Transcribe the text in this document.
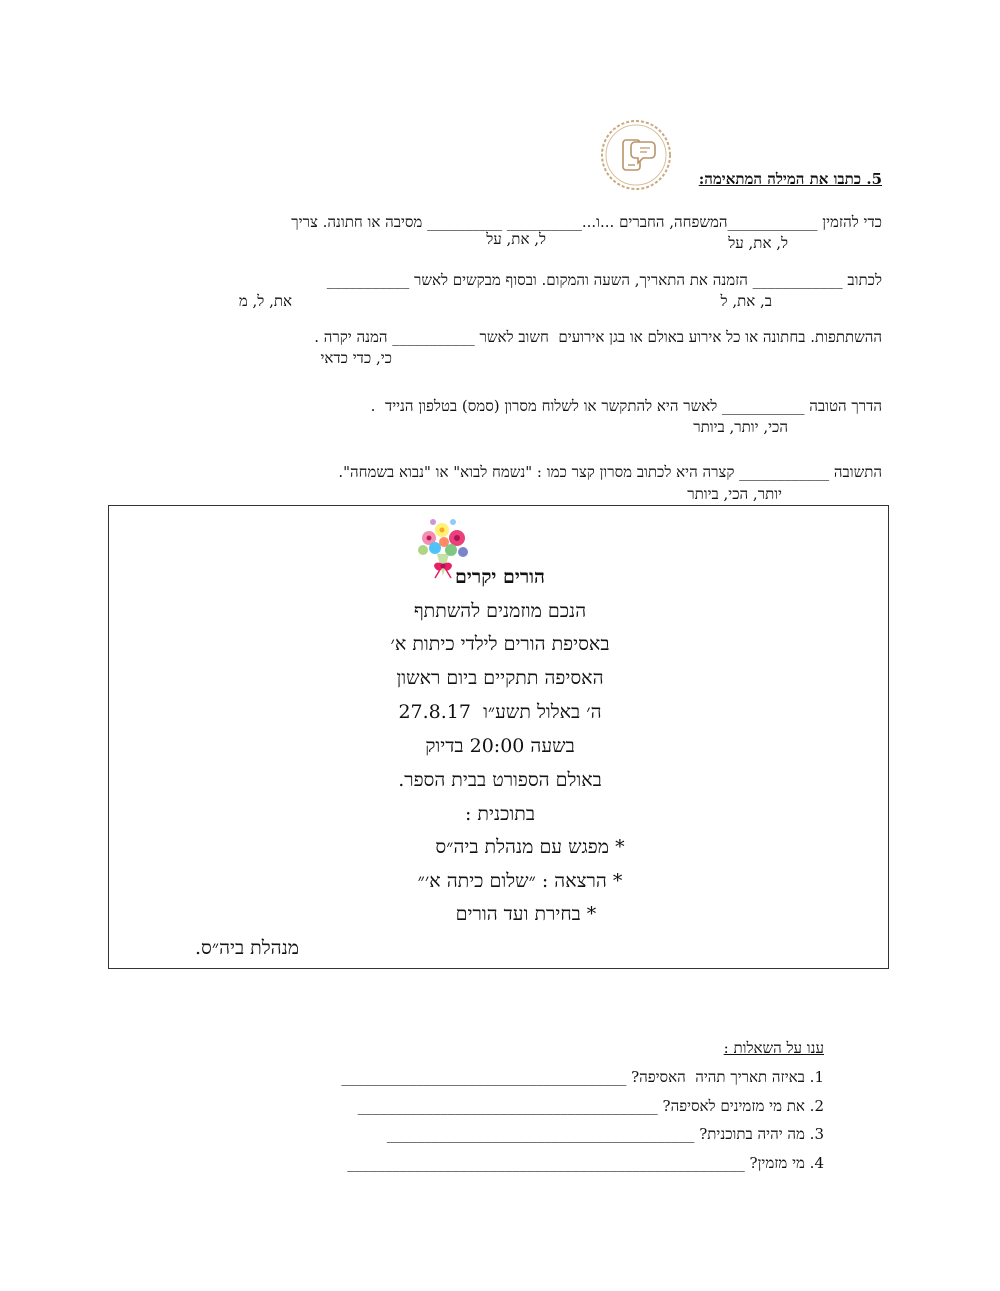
5. כתבו את המילה המתאימה:
כדי להזמין ____________המשפחה, החברים ...ו...__________ __________ מסיבה או חתונה. צריך
ל, את, על
ל, את, על
לכתוב ____________ הזמנה את התאריך, השעה והמקום. ובסוף מבקשים לאשר ___________
ב, את, ל
את, ל, מ
ההשתתפות. בחתונה או כל אירוע באולם או בגן אירועים  חשוב לאשר ___________ המנה יקרה .
כי, כדי כדאי
הדרך הטובה ___________ לאשר היא להתקשר או לשלוח מסרון (סמס) בטלפון הנייד  .
הכי, יותר, ביותר
התשובה ____________ קצרה היא לכתוב מסרון קצר כמו : "נשמח לבוא" או "נבוא בשמחה".
יותר, הכי, ביותר
הורים יקרים
הנכם מוזמנים להשתתף
באסיפת הורים לילדי כיתות א׳
האסיפה תתקיים ביום ראשון
ה׳ באלול תשע״ו  27.8.17
בשעה 20:00 בדיוק
באולם הספורט בבית הספר.
בתוכנית :
* מפגש עם מנהלת ביה״ס
* הרצאה : ״שלום כיתה א׳״
* בחירת ועד הורים
מנהלת ביה״ס.
ענו על השאלות :
1. באיזה תאריך תהיה  האסיפה? ______________________________________
2. את מי מזמינים לאסיפה? ________________________________________
3. מה יהיה בתוכנית? _________________________________________
4. מי מזמין? _____________________________________________________
